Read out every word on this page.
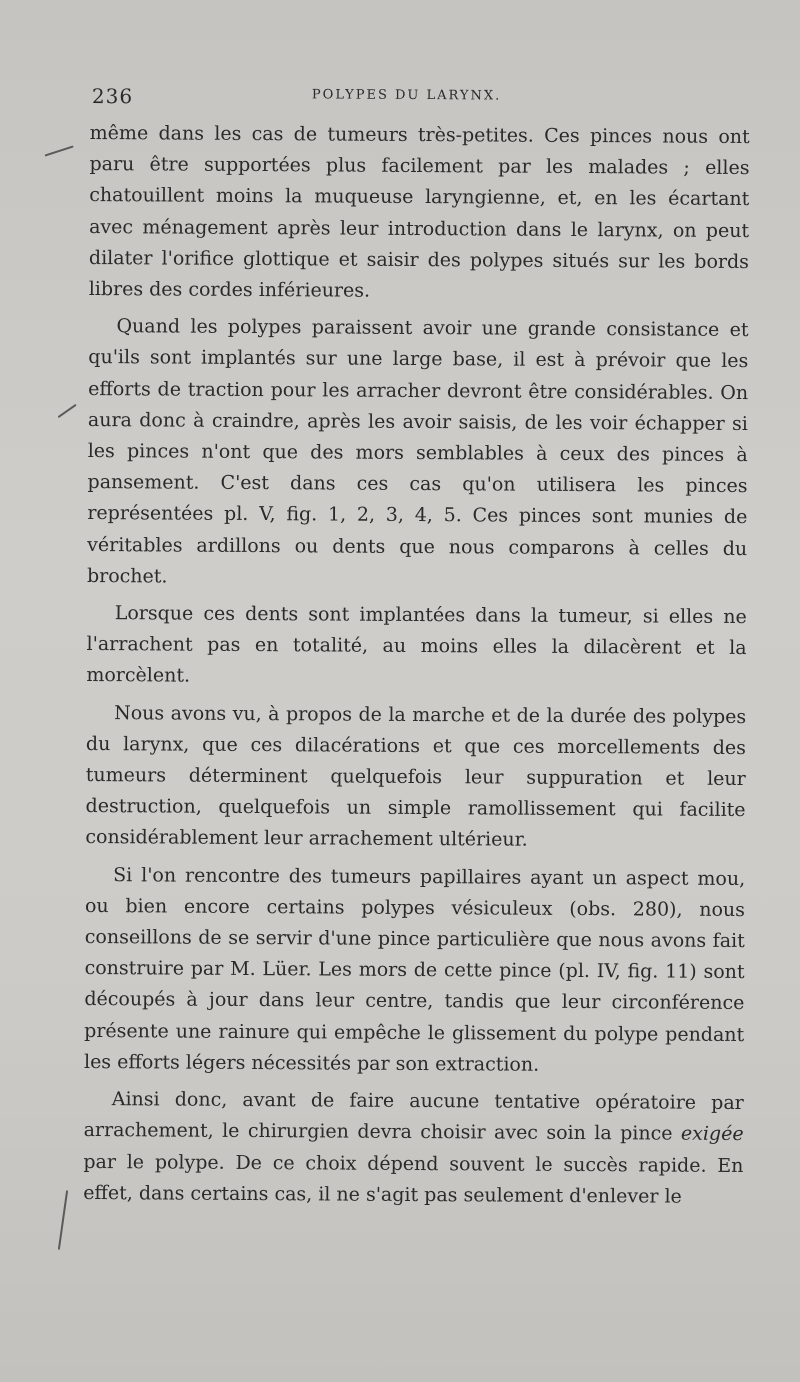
236	POLYPES DU LARYNX.

même dans les cas de tumeurs très-petites. Ces pinces nous ont paru être supportées plus facilement par les malades ; elles chatouillent moins la muqueuse laryngienne, et, en les écartant avec ménagement après leur introduction dans le larynx, on peut dilater l'orifice glottique et saisir des polypes situés sur les bords libres des cordes inférieures.

Quand les polypes paraissent avoir une grande consistance et qu'ils sont implantés sur une large base, il est à prévoir que les efforts de traction pour les arracher devront être considérables. On aura donc à craindre, après les avoir saisis, de les voir échapper si les pinces n'ont que des mors semblables à ceux des pinces à pansement. C'est dans ces cas qu'on utilisera les pinces représentées pl. V, fig. 1, 2, 3, 4, 5. Ces pinces sont munies de véritables ardillons ou dents que nous comparons à celles du brochet.

Lorsque ces dents sont implantées dans la tumeur, si elles ne l'arrachent pas en totalité, au moins elles la dilacèrent et la morcèlent.

Nous avons vu, à propos de la marche et de la durée des polypes du larynx, que ces dilacérations et que ces morcellements des tumeurs déterminent quelquefois leur suppuration et leur destruction, quelquefois un simple ramollissement qui facilite considérablement leur arrachement ultérieur.

Si l'on rencontre des tumeurs papillaires ayant un aspect mou, ou bien encore certains polypes vésiculeux (obs. 280), nous conseillons de se servir d'une pince particulière que nous avons fait construire par M. Lüer. Les mors de cette pince (pl. IV, fig. 11) sont découpés à jour dans leur centre, tandis que leur circonférence présente une rainure qui empêche le glissement du polype pendant les efforts légers nécessités par son extraction.

Ainsi donc, avant de faire aucune tentative opératoire par arrachement, le chirurgien devra choisir avec soin la pince exigée par le polype. De ce choix dépend souvent le succès rapide. En effet, dans certains cas, il ne s'agit pas seulement d'enlever le
